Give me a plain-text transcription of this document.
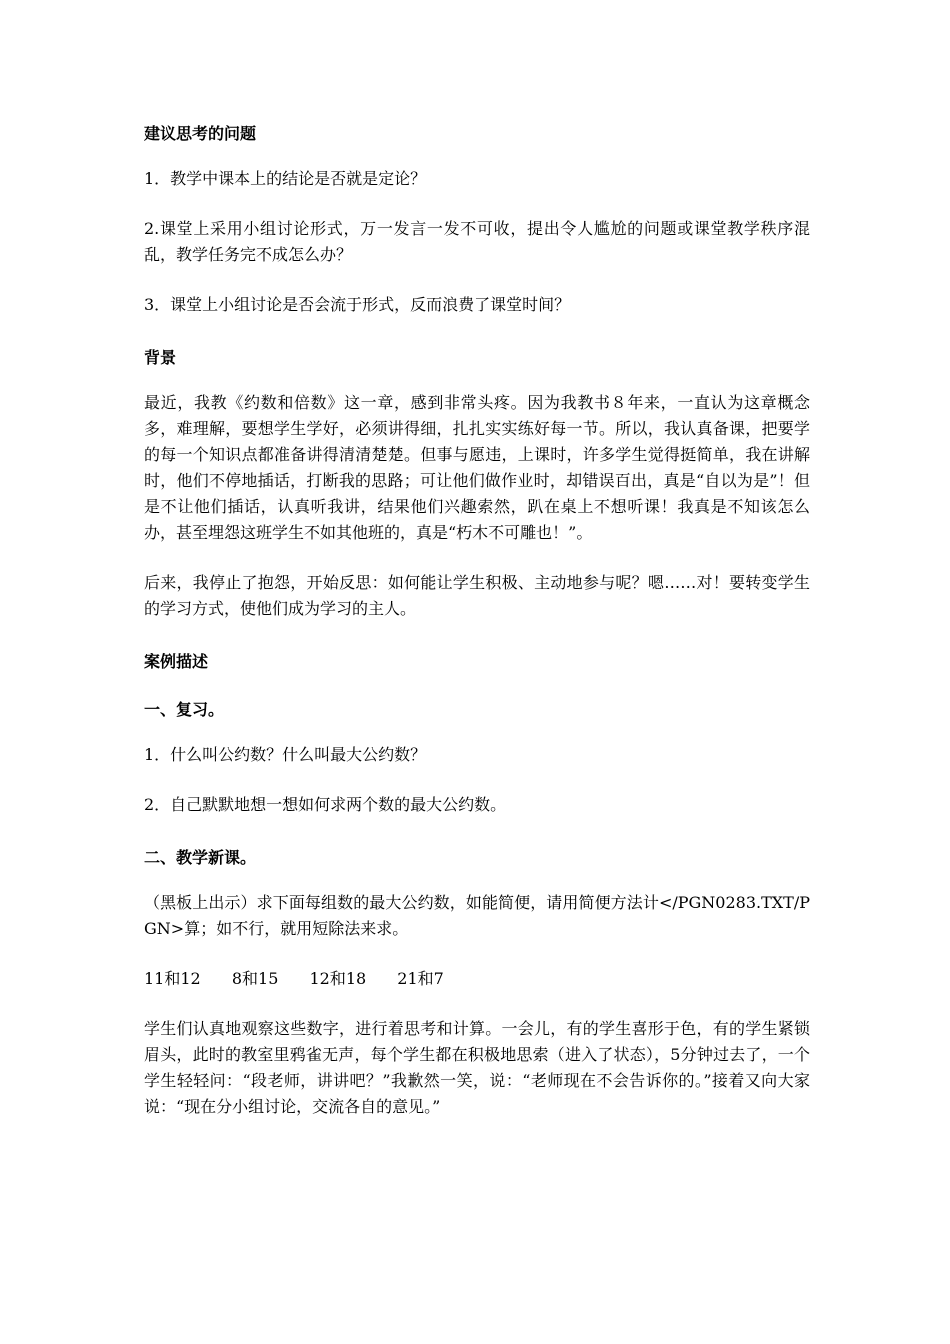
建议思考的问题

1．教学中课本上的结论是否就是定论？

2.课堂上采用小组讨论形式，万一发言一发不可收，提出令人尴尬的问题或课堂教学秩序混乱，教学任务完不成怎么办？

3．课堂上小组讨论是否会流于形式，反而浪费了课堂时间？

背景

最近，我教《约数和倍数》这一章，感到非常头疼。因为我教书８年来，一直认为这章概念多，难理解，要想学生学好，必须讲得细，扎扎实实练好每一节。所以，我认真备课，把要学的每一个知识点都准备讲得清清楚楚。但事与愿违，上课时，许多学生觉得挺简单，我在讲解时，他们不停地插话，打断我的思路；可让他们做作业时，却错误百出，真是“自以为是”！但是不让他们插话，认真听我讲，结果他们兴趣索然，趴在桌上不想听课！我真是不知该怎么办，甚至埋怨这班学生不如其他班的，真是“朽木不可雕也！”。

后来，我停止了抱怨，开始反思：如何能让学生积极、主动地参与呢？嗯……对！要转变学生的学习方式，使他们成为学习的主人。

案例描述
一、复习。

1．什么叫公约数？什么叫最大公约数？

2．自己默默地想一想如何求两个数的最大公约数。

二、教学新课。

（黑板上出示）求下面每组数的最大公约数，如能简便，请用简便方法计</PGN0283.TXT/PGN>算；如不行，就用短除法来求。

11和12 8和15 12和18 21和7

学生们认真地观察这些数字，进行着思考和计算。一会儿，有的学生喜形于色，有的学生紧锁眉头，此时的教室里鸦雀无声，每个学生都在积极地思索（进入了状态），5分钟过去了，一个学生轻轻问：“段老师，讲讲吧？”我歉然一笑，说：“老师现在不会告诉你的。”接着又向大家说：“现在分小组讨论，交流各自的意见。”
